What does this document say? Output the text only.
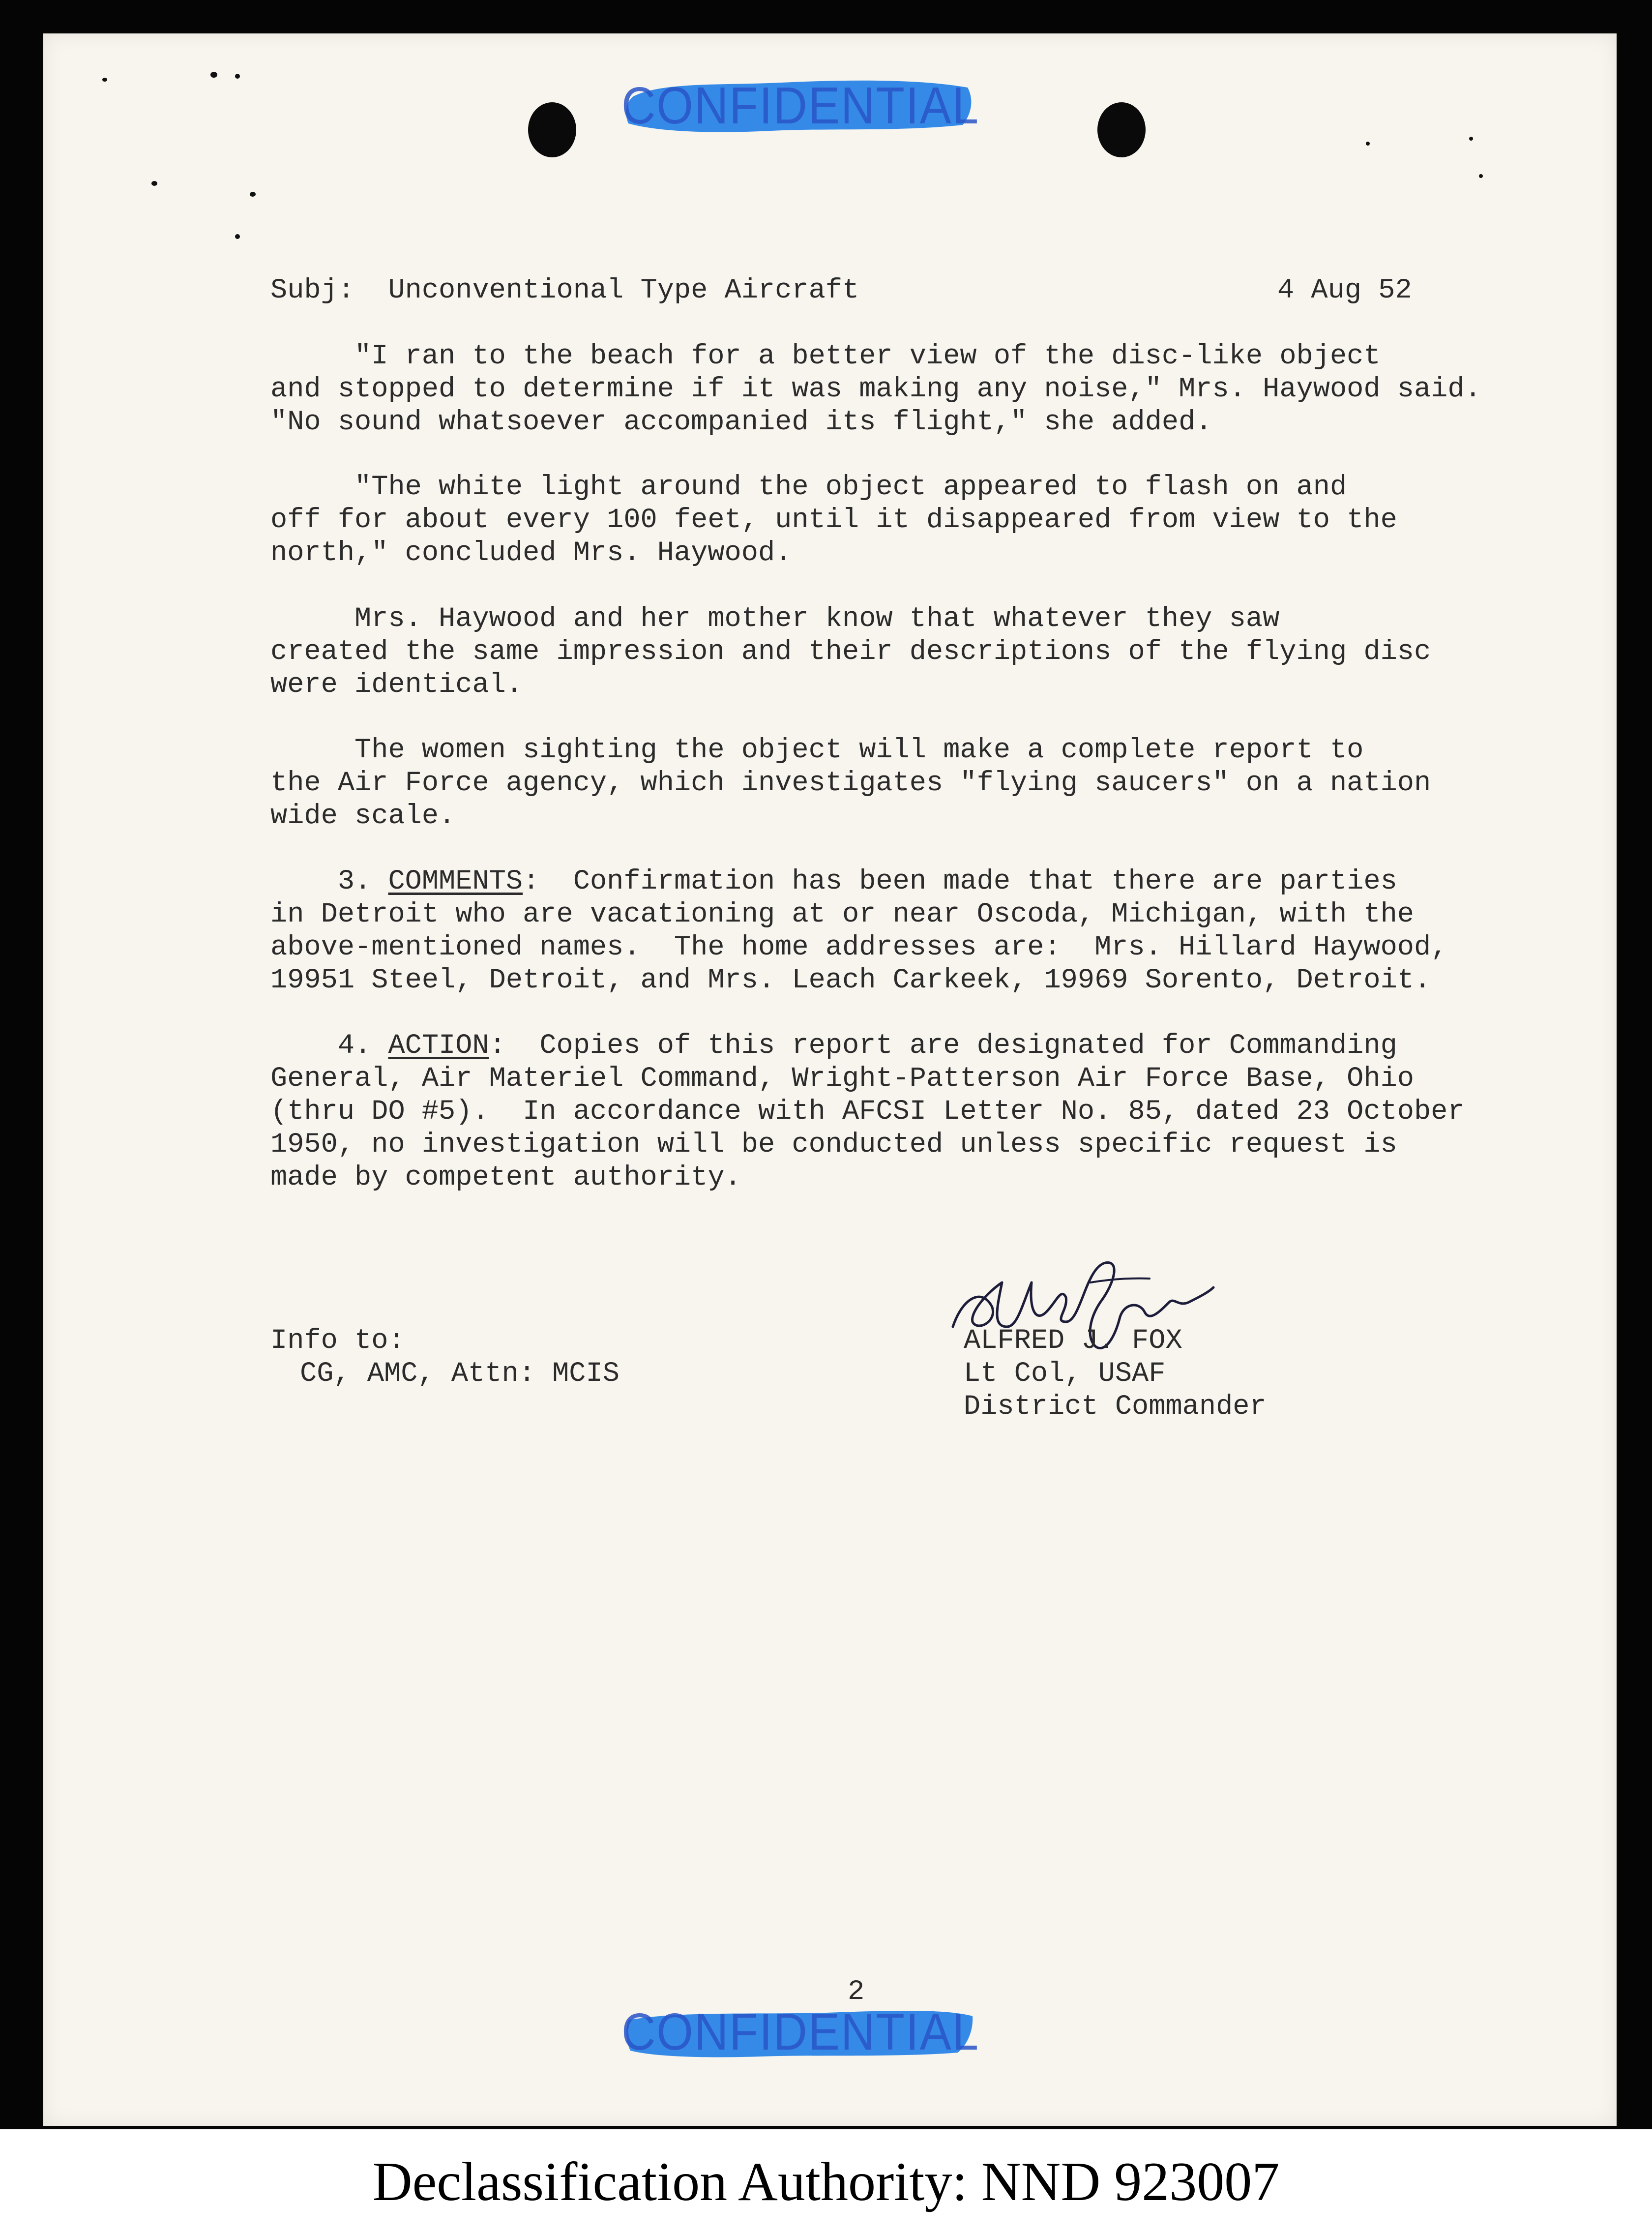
CONFIDENTIAL
Subj:  Unconventional Type Aircraft	4 Aug 52
"I ran to the beach for a better view of the disc-like object
and stopped to determine if it was making any noise," Mrs. Haywood said.
"No sound whatsoever accompanied its flight," she added.
"The white light around the object appeared to flash on and
off for about every 100 feet, until it disappeared from view to the
north," concluded Mrs. Haywood.
Mrs. Haywood and her mother know that whatever they saw
created the same impression and their descriptions of the flying disc
were identical.
The women sighting the object will make a complete report to
the Air Force agency, which investigates "flying saucers" on a nation
wide scale.
3. COMMENTS:  Confirmation has been made that there are parties
in Detroit who are vacationing at or near Oscoda, Michigan, with the
above-mentioned names.  The home addresses are:  Mrs. Hillard Haywood,
19951 Steel, Detroit, and Mrs. Leach Carkeek, 19969 Sorento, Detroit.
4. ACTION:  Copies of this report are designated for Commanding
General, Air Materiel Command, Wright-Patterson Air Force Base, Ohio
(thru DO #5).  In accordance with AFCSI Letter No. 85, dated 23 October
1950, no investigation will be conducted unless specific request is
made by competent authority.
Info to:
CG, AMC, Attn: MCIS
ALFRED J. FOX
Lt Col, USAF
District Commander
2
CONFIDENTIAL
Declassification Authority: NND 923007
